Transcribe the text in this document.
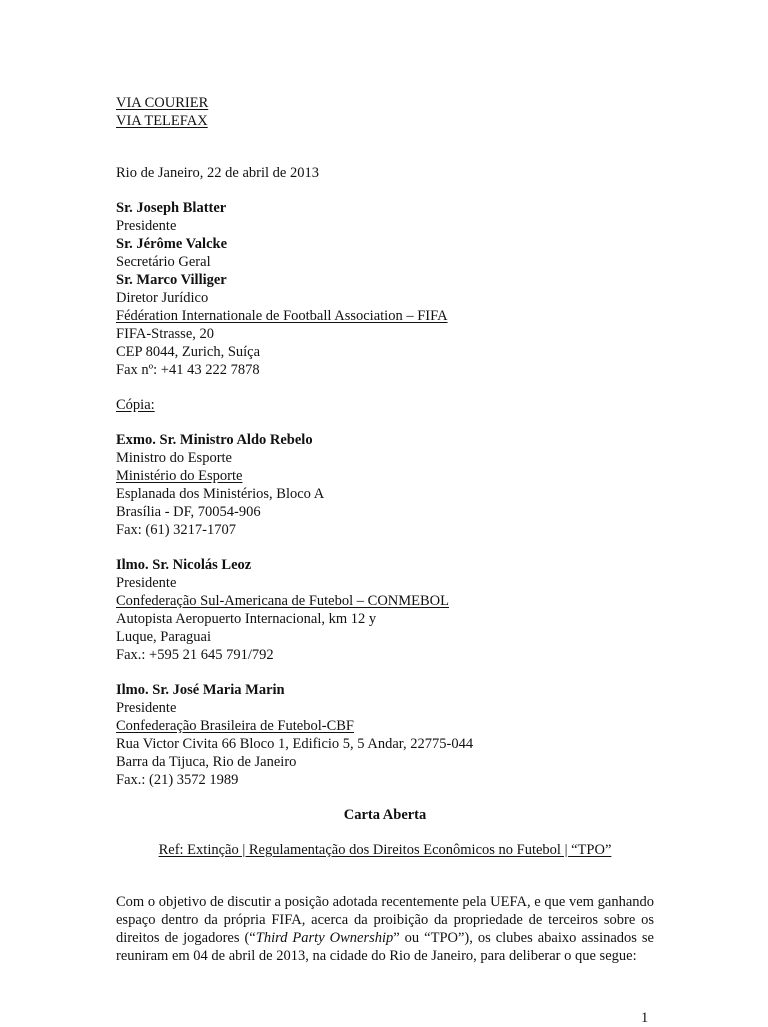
VIA COURIER
VIA TELEFAX
Rio de Janeiro, 22 de abril de 2013
Sr. Joseph Blatter
Presidente
Sr. Jérôme Valcke
Secretário Geral
Sr. Marco Villiger
Diretor Jurídico
Fédération Internationale de Football Association – FIFA
FIFA-Strasse, 20
CEP 8044, Zurich, Suíça
Fax nº: +41 43 222 7878
Cópia:
Exmo. Sr. Ministro Aldo Rebelo
Ministro do Esporte
Ministério do Esporte
Esplanada dos Ministérios, Bloco A
Brasília - DF, 70054-906
Fax: (61) 3217-1707
Ilmo. Sr. Nicolás Leoz
Presidente
Confederação Sul-Americana de Futebol – CONMEBOL
Autopista Aeropuerto Internacional, km 12 y
Luque, Paraguai
Fax.: +595 21 645 791/792
Ilmo. Sr. José Maria Marin
Presidente
Confederação Brasileira de Futebol-CBF
Rua Victor Civita 66 Bloco 1, Edificio 5, 5 Andar, 22775-044
Barra da Tijuca, Rio de Janeiro
Fax.: (21) 3572 1989
Carta Aberta
Ref: Extinção | Regulamentação dos Direitos Econômicos no Futebol | “TPO”

Com o objetivo de discutir a posição adotada recentemente pela UEFA, e que vem ganhando espaço dentro da própria FIFA, acerca da proibição da propriedade de terceiros sobre os direitos de jogadores (“Third Party Ownership” ou “TPO”), os clubes abaixo assinados se reuniram em 04 de abril de 2013, na cidade do Rio de Janeiro, para deliberar o que segue:

1
